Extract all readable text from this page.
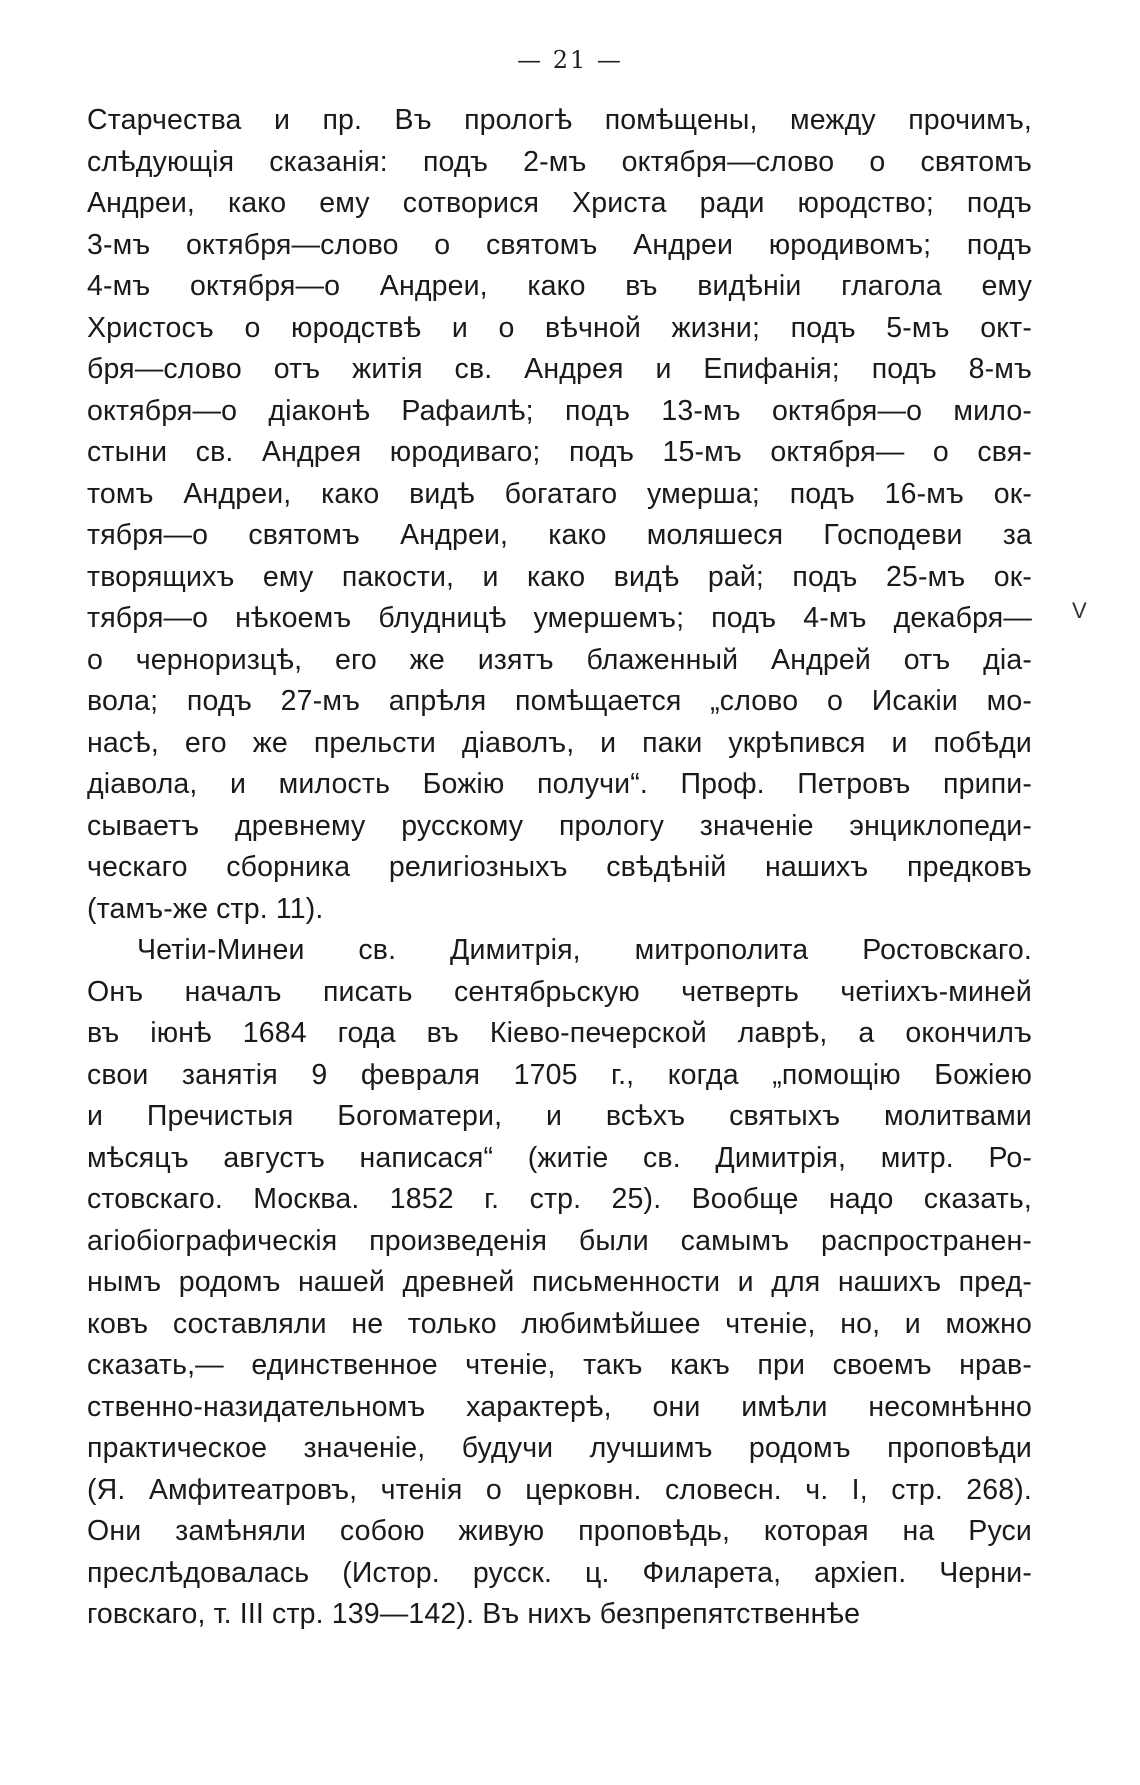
— 21 —
V
Старчества и пр. Въ прологѣ помѣщены, между прочимъ,
слѣдующія сказанія: подъ 2-мъ октября—слово о святомъ
Андреи, како ему сотворися Христа ради юродство; подъ
3-мъ октября—слово о святомъ Андреи юродивомъ; подъ
4-мъ октября—о Андреи, како въ видѣніи глагола ему
Христосъ о юродствѣ и о вѣчной жизни; подъ 5-мъ окт-
бря—слово отъ житія св. Андрея и Епифанія; подъ 8-мъ
октября—о діаконѣ Рафаилѣ; подъ 13-мъ октября—о мило-
стыни св. Андрея юродиваго; подъ 15-мъ октября— о свя-
томъ Андреи, како видѣ богатаго умерша; подъ 16-мъ ок-
тября—о святомъ Андреи, како моляшеся Господеви за
творящихъ ему пакости, и како видѣ рай; подъ 25-мъ ок-
тября—о нѣкоемъ блудницѣ умершемъ; подъ 4-мъ декабря—
о черноризцѣ, его же изятъ блаженный Андрей отъ діа-
вола; подъ 27-мъ апрѣля помѣщается „слово о Исакіи мо-
насѣ, его же прельсти діаволъ, и паки укрѣпився и побѣди
діавола, и милость Божію получи“. Проф. Петровъ припи-
сываетъ древнему русскому прологу значеніе энциклопеди-
ческаго сборника религіозныхъ свѣдѣній нашихъ предковъ
(тамъ-же стр. 11).
Четіи-Минеи св. Димитрія, митрополита Ростовскаго.
Онъ началъ писать сентябрьскую четверть четіихъ-миней
въ іюнѣ 1684 года въ Кіево-печерской лаврѣ, а окончилъ
свои занятія 9 февраля 1705 г., когда „помощію Божіею
и Пречистыя Богоматери, и всѣхъ святыхъ молитвами
мѣсяцъ августъ написася“ (житіе св. Димитрія, митр. Ро-
стовскаго. Москва. 1852 г. стр. 25). Вообще надо сказать,
агіобіографическія произведенія были самымъ распространен-
нымъ родомъ нашей древней письменности и для нашихъ пред-
ковъ составляли не только любимѣйшее чтеніе, но, и можно
сказать,— единственное чтеніе, такъ какъ при своемъ нрав-
ственно-назидательномъ характерѣ, они имѣли несомнѣнно
практическое значеніе, будучи лучшимъ родомъ проповѣди
(Я. Амфитеатровъ, чтенія о церковн. словесн. ч. І, стр. 268).
Они замѣняли собою живую проповѣдь, которая на Руси
преслѣдовалась (Истор. русск. ц. Филарета, архіеп. Черни-
говскаго, т. III стр. 139—142). Въ нихъ безпрепятственнѣе
